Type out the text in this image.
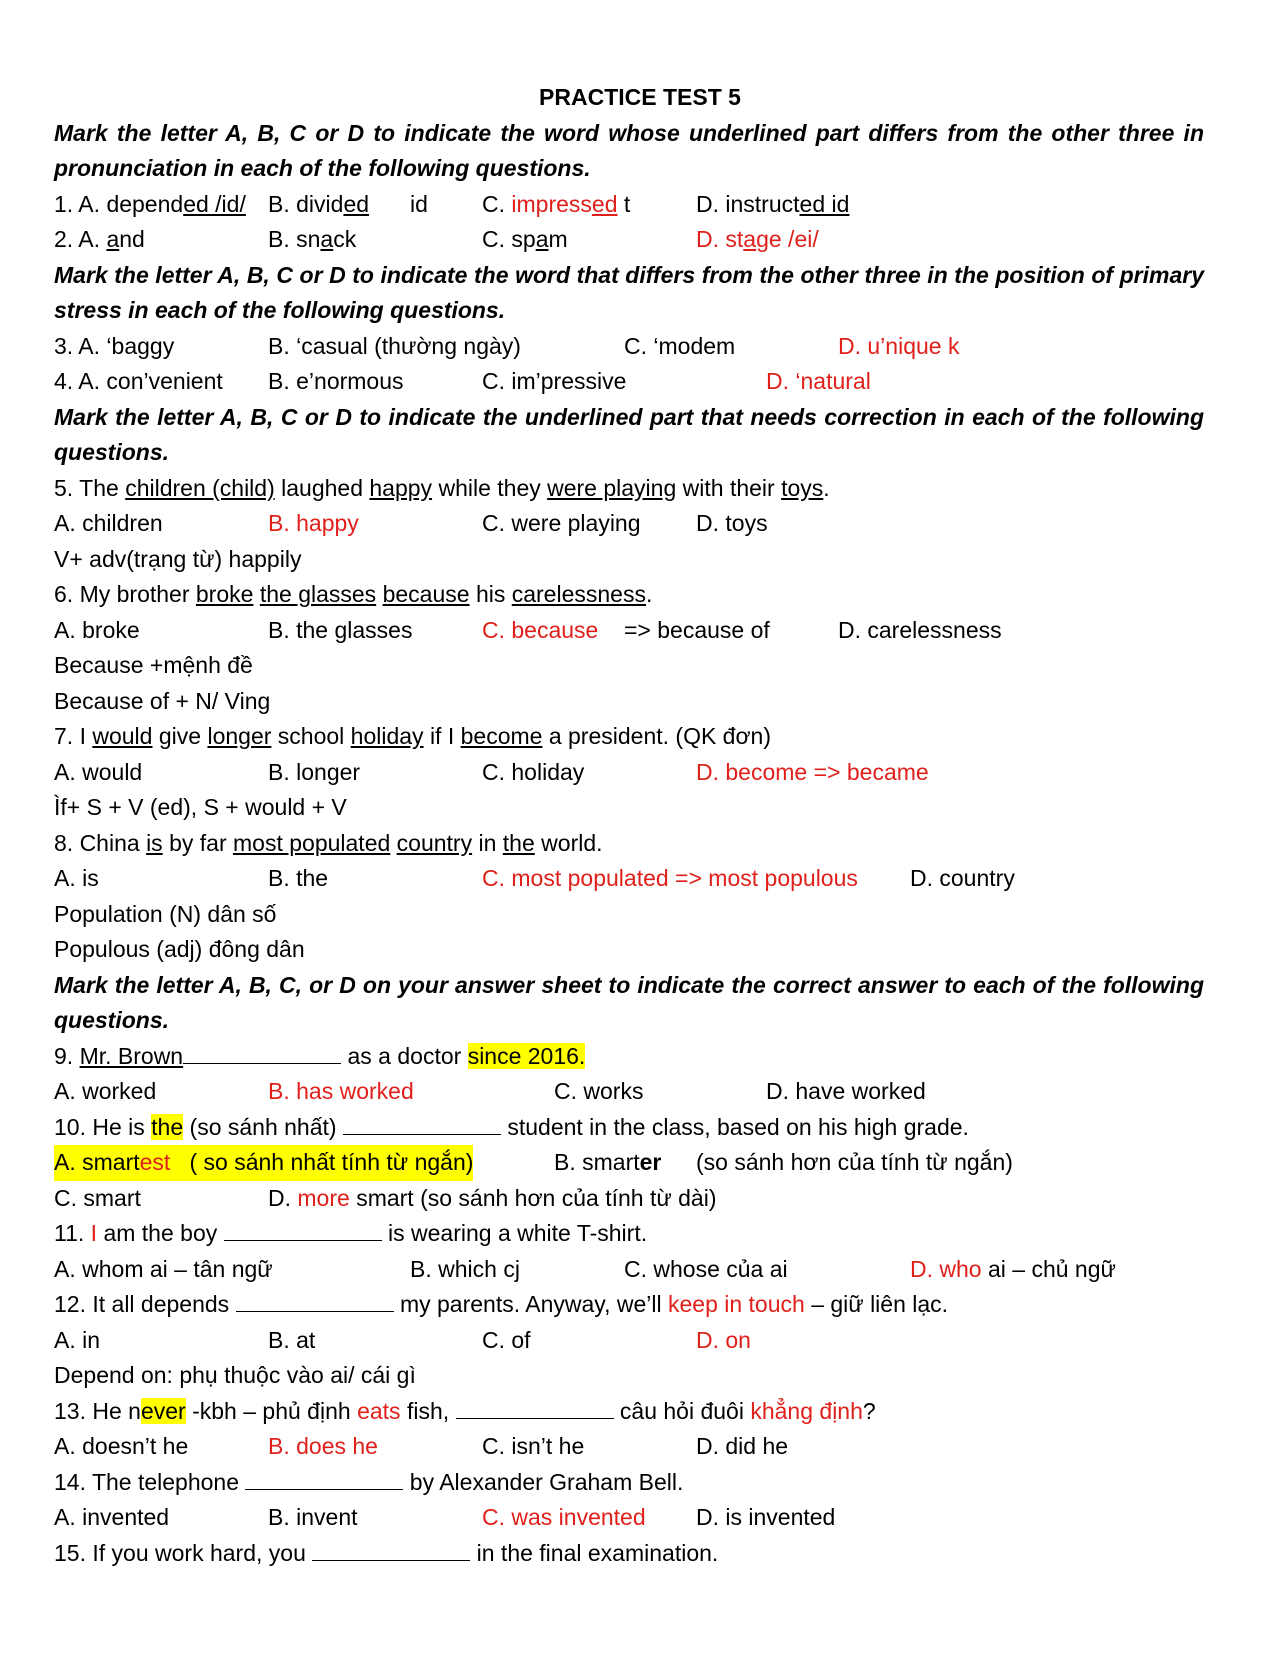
PRACTICE TEST 5
Mark the letter A, B, C or D to indicate the word whose underlined part differs from the other three in pronunciation in each of the following questions.
1. A. depended /id/ B. divided id C. impressed t	D. instructed id
2. A. and	B. snack	C. spam	D. stage /ei/
Mark the letter A, B, C or D to indicate the word that differs from the other three in the position of primary stress in each of the following questions.
3. A. ‘baggy	B. ‘casual (thường ngày)	C. ‘modem	D. u’nique k
4. A. con’venient B. e’normous	C. im’pressive	D. ‘natural
Mark the letter A, B, C or D to indicate the underlined part that needs correction in each of the following questions.
5. The children (child) laughed happy while they were playing with their toys.
A. children	B. happy	C. were playing D. toys
V+ adv(trạng từ) happily
6. My brother broke the glasses because his carelessness.
A. broke	B. the glasses	C. because => because of	D. carelessness
Because +mệnh đề
Because of + N/ Ving
7. I would give longer school holiday if I become a president. (QK đơn)
A. would	B. longer	C. holiday	D. become => became
Ìf+ S + V (ed), S + would + V
8. China is by far most populated country in the world.
A. is	B. the	C. most populated => most populous D. country
Population (N) dân số
Populous (adj) đông dân
Mark the letter A, B, C, or D on your answer sheet to indicate the correct answer to each of the following questions.
9. Mr. Brown	as a doctor since 2016.
A. worked	B. has worked	C. works	D. have worked
10. He is the (so sánh nhất)	student in the class, based on his high grade.
A. smartest ( so sánh nhất tính từ ngắn)	B. smarter (so sánh hơn của tính từ ngắn)
C. smart	D. more smart (so sánh hơn của tính từ dài)
11. I am the boy	is wearing a white T-shirt.
A. whom ai – tân ngữ	B. which cj	C. whose của ai	D. who ai – chủ ngữ
12. It all depends	my parents. Anyway, we’ll keep in touch – giữ liên lạc.
A. in	B. at	C. of	D. on
Depend on: phụ thuộc vào ai/ cái gì
13. He never -kbh – phủ định eats fish,	câu hỏi đuôi khẳng định?
A. doesn’t he	B. does he	C. isn’t he	D. did he
14. The telephone	by Alexander Graham Bell.
A. invented	B. invent	C. was invented D. is invented
15. If you work hard, you	in the final examination.
